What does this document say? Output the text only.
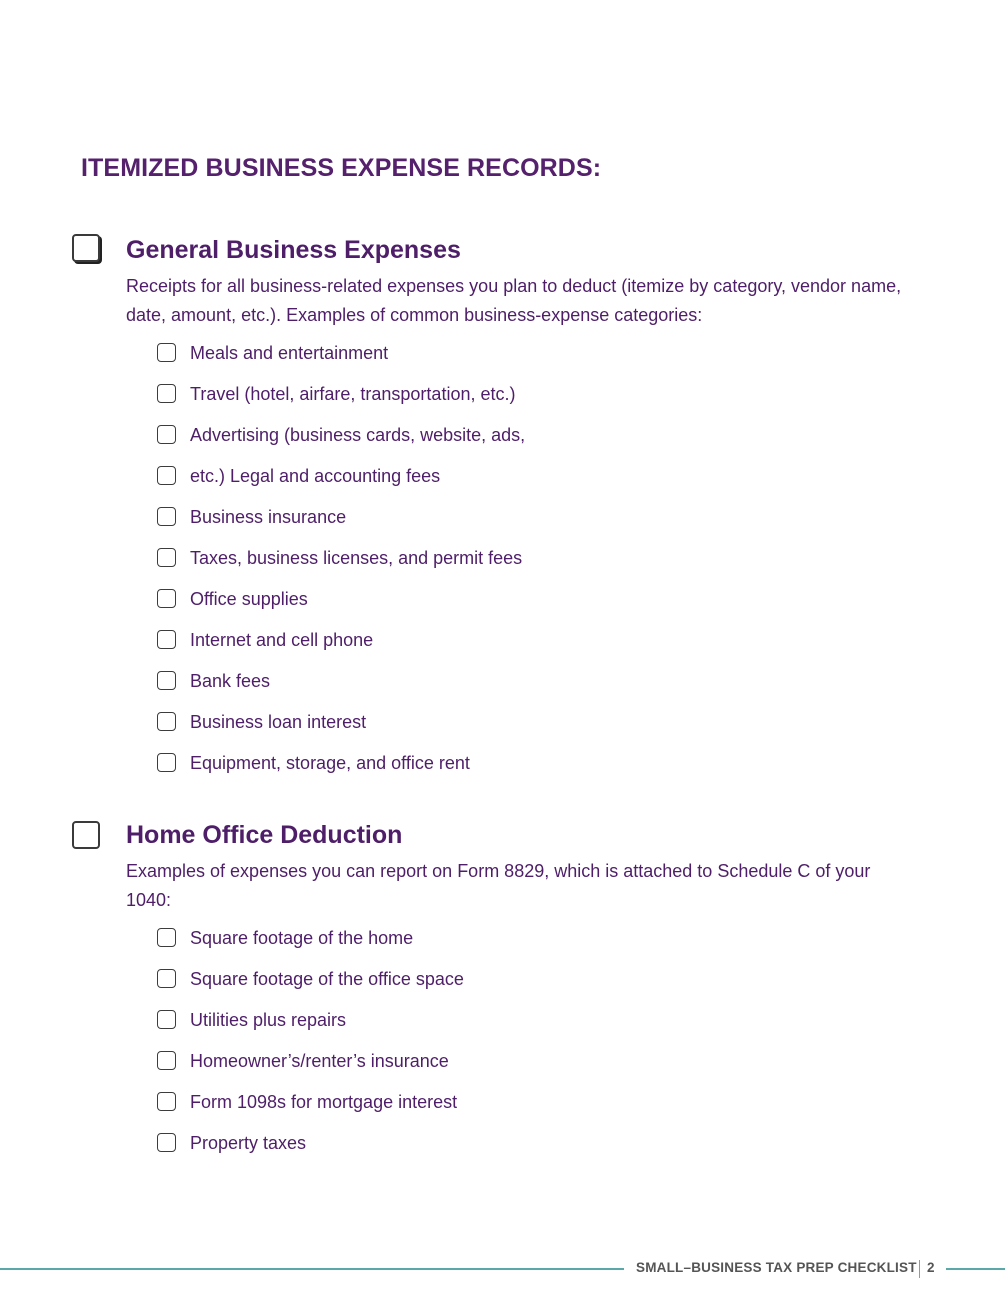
ITEMIZED BUSINESS EXPENSE RECORDS:
General Business Expenses

Receipts for all business-related expenses you plan to deduct (itemize by category, vendor name, date, amount, etc.). Examples of common business-expense categories:

Meals and entertainment
Travel (hotel, airfare, transportation, etc.)
Advertising (business cards, website, ads,
etc.) Legal and accounting fees
Business insurance
Taxes, business licenses, and permit fees
Office supplies
Internet and cell phone
Bank fees
Business loan interest
Equipment, storage, and office rent
Home Office Deduction

Examples of expenses you can report on Form 8829, which is attached to Schedule C of your 1040:

Square footage of the home
Square footage of the office space
Utilities plus repairs
Homeowner’s/renter’s insurance
Form 1098s for mortgage interest
Property taxes
SMALL–BUSINESS TAX PREP CHECKLIST 2
